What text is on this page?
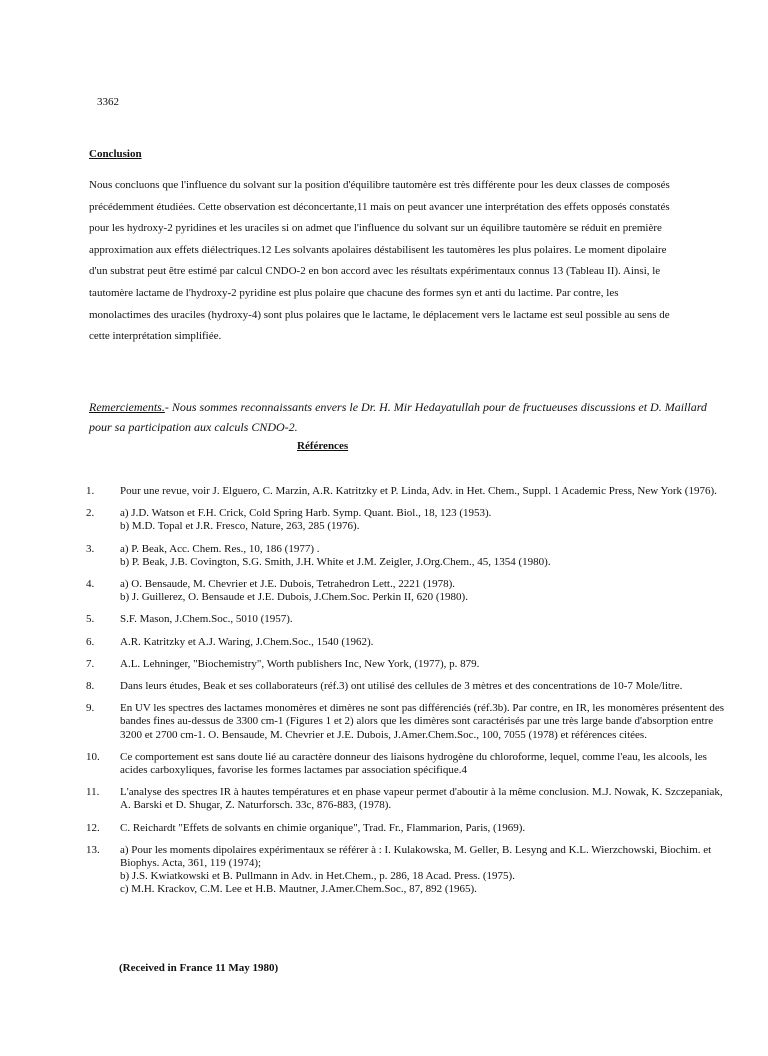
3362
Conclusion
Nous concluons que l'influence du solvant sur la position d'équilibre tautomère est très différente pour les deux classes de composés précédemment étudiées. Cette observation est déconcertante,11 mais on peut avancer une interprétation des effets opposés constatés pour les hydroxy-2 pyridines et les uraciles si on admet que l'influence du solvant sur un équilibre tautomère se réduit en première approximation aux effets diélectriques.12 Les solvants apolaires déstabilisent les tautomères les plus polaires. Le moment dipolaire d'un substrat peut être estimé par calcul CNDO-2 en bon accord avec les résultats expérimentaux connus 13 (Tableau II). Ainsi, le tautomère lactame de l'hydroxy-2 pyridine est plus polaire que chacune des formes syn et anti du lactime. Par contre, les monolactimes des uraciles (hydroxy-4) sont plus polaires que le lactame, le déplacement vers le lactame est seul possible au sens de cette interprétation simplifiée.
Remerciements.- Nous sommes reconnaissants envers le Dr. H. Mir Hedayatullah pour de fructueuses discussions et D. Maillard pour sa participation aux calculs CNDO-2.
Références
1.	Pour une revue, voir J. Elguero, C. Marzin, A.R. Katritzky et P. Linda, Adv. in Het. Chem., Suppl. 1 Academic Press, New York (1976).
2.	a) J.D. Watson et F.H. Crick, Cold Spring Harb. Symp. Quant. Biol., 18, 123 (1953).
b) M.D. Topal et J.R. Fresco, Nature, 263, 285 (1976).
3.	a) P. Beak, Acc. Chem. Res., 10, 186 (1977) .
b) P. Beak, J.B. Covington, S.G. Smith, J.H. White et J.M. Zeigler, J.Org.Chem., 45, 1354 (1980).
4.	a) O. Bensaude, M. Chevrier et J.E. Dubois, Tetrahedron Lett., 2221 (1978).
b) J. Guillerez, O. Bensaude et J.E. Dubois, J.Chem.Soc. Perkin II, 620 (1980).
5.	S.F. Mason, J.Chem.Soc., 5010 (1957).
6.	A.R. Katritzky et A.J. Waring, J.Chem.Soc., 1540 (1962).
7.	A.L. Lehninger, "Biochemistry", Worth publishers Inc, New York, (1977), p. 879.
8.	Dans leurs études, Beak et ses collaborateurs (réf.3) ont utilisé des cellules de 3 mètres et des concentrations de 10-7 Mole/litre.
9.	En UV les spectres des lactames monomères et dimères ne sont pas différenciés (réf.3b). Par contre, en IR, les monomères présentent des bandes fines au-dessus de 3300 cm-1 (Figures 1 et 2) alors que les dimères sont caractérisés par une très large bande d'absorption entre 3200 et 2700 cm-1. O. Bensaude, M. Chevrier et J.E. Dubois, J.Amer.Chem.Soc., 100, 7055 (1978) et références citées.
10.	Ce comportement est sans doute lié au caractère donneur des liaisons hydrogène du chloroforme, lequel, comme l'eau, les alcools, les acides carboxyliques, favorise les formes lactames par association spécifique.4
11.	L'analyse des spectres IR à hautes températures et en phase vapeur permet d'aboutir à la même conclusion. M.J. Nowak, K. Szczepaniak, A. Barski et D. Shugar, Z. Naturforsch. 33c, 876-883, (1978).
12.	C. Reichardt "Effets de solvants en chimie organique", Trad. Fr., Flammarion, Paris, (1969).
13.	a) Pour les moments dipolaires expérimentaux se référer à : I. Kulakowska, M. Geller, B. Lesyng and K.L. Wierzchowski, Biochim. et Biophys. Acta, 361, 119 (1974);
b) J.S. Kwiatkowski et B. Pullmann in Adv. in Het.Chem., p. 286, 18 Acad. Press. (1975).
c) M.H. Krackov, C.M. Lee et H.B. Mautner, J.Amer.Chem.Soc., 87, 892 (1965).
(Received in France 11 May 1980)
